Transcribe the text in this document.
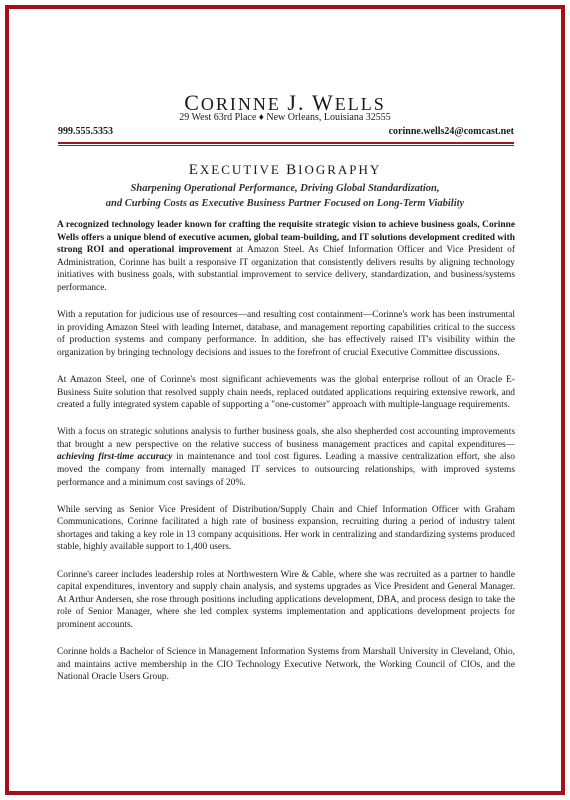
CORINNE J. WELLS
29 West 63rd Place ♦ New Orleans, Louisiana 32555
999.555.5353	corinne.wells24@comcast.net
EXECUTIVE BIOGRAPHY
Sharpening Operational Performance, Driving Global Standardization,
and Curbing Costs as Executive Business Partner Focused on Long-Term Viability

A recognized technology leader known for crafting the requisite strategic vision to achieve business goals, Corinne Wells offers a unique blend of executive acumen, global team-building, and IT solutions development credited with strong ROI and operational improvement at Amazon Steel. As Chief Information Officer and Vice President of Administration, Corinne has built a responsive IT organization that consistently delivers results by aligning technology initiatives with business goals, with substantial improvement to service delivery, standardization, and business/systems performance.

With a reputation for judicious use of resources—and resulting cost containment—Corinne's work has been instrumental in providing Amazon Steel with leading Internet, database, and management reporting capabilities critical to the success of production systems and company performance. In addition, she has effectively raised IT's visibility within the organization by bringing technology decisions and issues to the forefront of crucial Executive Committee discussions.

At Amazon Steel, one of Corinne's most significant achievements was the global enterprise rollout of an Oracle E-Business Suite solution that resolved supply chain needs, replaced outdated applications requiring extensive rework, and created a fully integrated system capable of supporting a "one-customer" approach with multiple-language requirements.

With a focus on strategic solutions analysis to further business goals, she also shepherded cost accounting improvements that brought a new perspective on the relative success of business management practices and capital expenditures—achieving first-time accuracy in maintenance and tool cost figures. Leading a massive centralization effort, she also moved the company from internally managed IT services to outsourcing relationships, with improved systems performance and a minimum cost savings of 20%.

While serving as Senior Vice President of Distribution/Supply Chain and Chief Information Officer with Graham Communications, Corinne facilitated a high rate of business expansion, recruiting during a period of industry talent shortages and taking a key role in 13 company acquisitions. Her work in centralizing and standardizing systems produced stable, highly available support to 1,400 users.

Corinne's career includes leadership roles at Northwestern Wire & Cable, where she was recruited as a partner to handle capital expenditures, inventory and supply chain analysis, and systems upgrades as Vice President and General Manager. At Arthur Andersen, she rose through positions including applications development, DBA, and process design to take the role of Senior Manager, where she led complex systems implementation and applications development projects for prominent accounts.

Corinne holds a Bachelor of Science in Management Information Systems from Marshall University in Cleveland, Ohio, and maintains active membership in the CIO Technology Executive Network, the Working Council of CIOs, and the National Oracle Users Group.
